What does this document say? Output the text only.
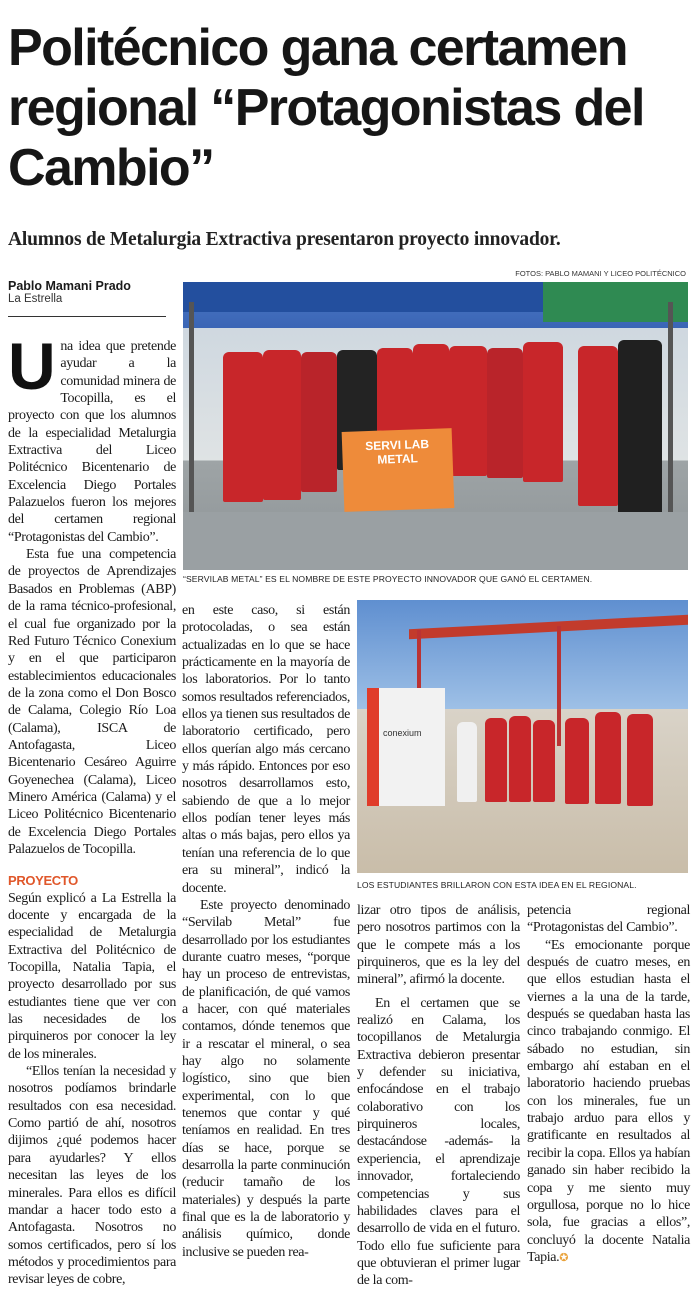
Politécnico gana certamen regional “Protagonistas del Cambio”
Alumnos de Metalurgia Extractiva presentaron proyecto innovador.
FOTOS: PABLO MAMANI Y LICEO POLITÉCNICO
Pablo Mamani Prado
La Estrella
SERVI LAB METAL
“SERVILAB METAL” ES EL NOMBRE DE ESTE PROYECTO INNOVADOR QUE GANÓ EL CERTAMEN.
conexium
LOS ESTUDIANTES BRILLARON CON ESTA IDEA EN EL REGIONAL.

Una idea que pretende ayudar a la comunidad minera de Tocopilla, es el proyecto con que los alumnos de la especialidad Metalurgia Extractiva del Liceo Politécnico Bicentenario de Excelencia Diego Portales Palazuelos fueron los mejores del certamen regional “Protagonistas del Cambio”.

Esta fue una competencia de proyectos de Aprendizajes Basados en Problemas (ABP) de la rama técnico-profesional, el cual fue organizado por la Red Futuro Técnico Conexium y en el que participaron establecimientos educacionales de la zona como el Don Bosco de Calama, Colegio Río Loa (Calama), ISCA de Antofagasta, Liceo Bicentenario Cesáreo Aguirre Goyenechea (Calama), Liceo Minero América (Calama) y el Liceo Politécnico Bicentenario de Excelencia Diego Portales Palazuelos de Tocopilla.

PROYECTO

Según explicó a La Estrella la docente y encargada de la especialidad de Metalurgia Extractiva del Politécnico de Tocopilla, Natalia Tapia, el proyecto desarrollado por sus estudiantes tiene que ver con las necesidades de los pirquineros por conocer la ley de los minerales.

“Ellos tenían la necesidad y nosotros podíamos brindarle resultados con esa necesidad. Como partió de ahí, nosotros dijimos ¿qué podemos hacer para ayudarles? Y ellos necesitan las leyes de los minerales. Para ellos es difícil mandar a hacer todo esto a Antofagasta. Nosotros no somos certificados, pero sí los métodos y procedimientos para revisar leyes de cobre,

en este caso, si están protocoladas, o sea están actualizadas en lo que se hace prácticamente en la mayoría de los laboratorios. Por lo tanto somos resultados referenciados, ellos ya tienen sus resultados de laboratorio certificado, pero ellos querían algo más cercano y más rápido. Entonces por eso nosotros desarrollamos esto, sabiendo de que a lo mejor ellos podían tener leyes más altas o más bajas, pero ellos ya tenían una referencia de lo que era su mineral”, indicó la docente.

Este proyecto denominado “Servilab Metal” fue desarrollado por los estudiantes durante cuatro meses, “porque hay un proceso de entrevistas, de planificación, de qué vamos a hacer, con qué materiales contamos, dónde tenemos que ir a rescatar el mineral, o sea hay algo no solamente logístico, sino que bien experimental, con lo que tenemos que contar y qué teníamos en realidad. En tres días se hace, porque se desarrolla la parte conminución (reducir tamaño de los materiales) y después la parte final que es la de laboratorio y análisis químico, donde inclusive se pueden rea-

lizar otro tipos de análisis, pero nosotros partimos con la que le compete más a los pirquineros, que es la ley del mineral”, afirmó la docente.

En el certamen que se realizó en Calama, los tocopillanos de Metalurgia Extractiva debieron presentar y defender su iniciativa, enfocándose en el trabajo colaborativo con los pirquineros locales, destacándose -además- la experiencia, el aprendizaje innovador, fortaleciendo competencias y sus habilidades claves para el desarrollo de vida en el futuro. Todo ello fue suficiente para que obtuvieran el primer lugar de la com-

petencia regional “Protagonistas del Cambio”.

“Es emocionante porque después de cuatro meses, en que ellos estudian hasta el viernes a la una de la tarde, después se quedaban hasta las cinco trabajando conmigo. El sábado no estudian, sin embargo ahí estaban en el laboratorio haciendo pruebas con los minerales, fue un trabajo arduo para ellos y gratificante en resultados al recibir la copa. Ellos ya habían ganado sin haber recibido la copa y me siento muy orgullosa, porque no lo hice sola, fue gracias a ellos”, concluyó la docente Natalia Tapia.✪
